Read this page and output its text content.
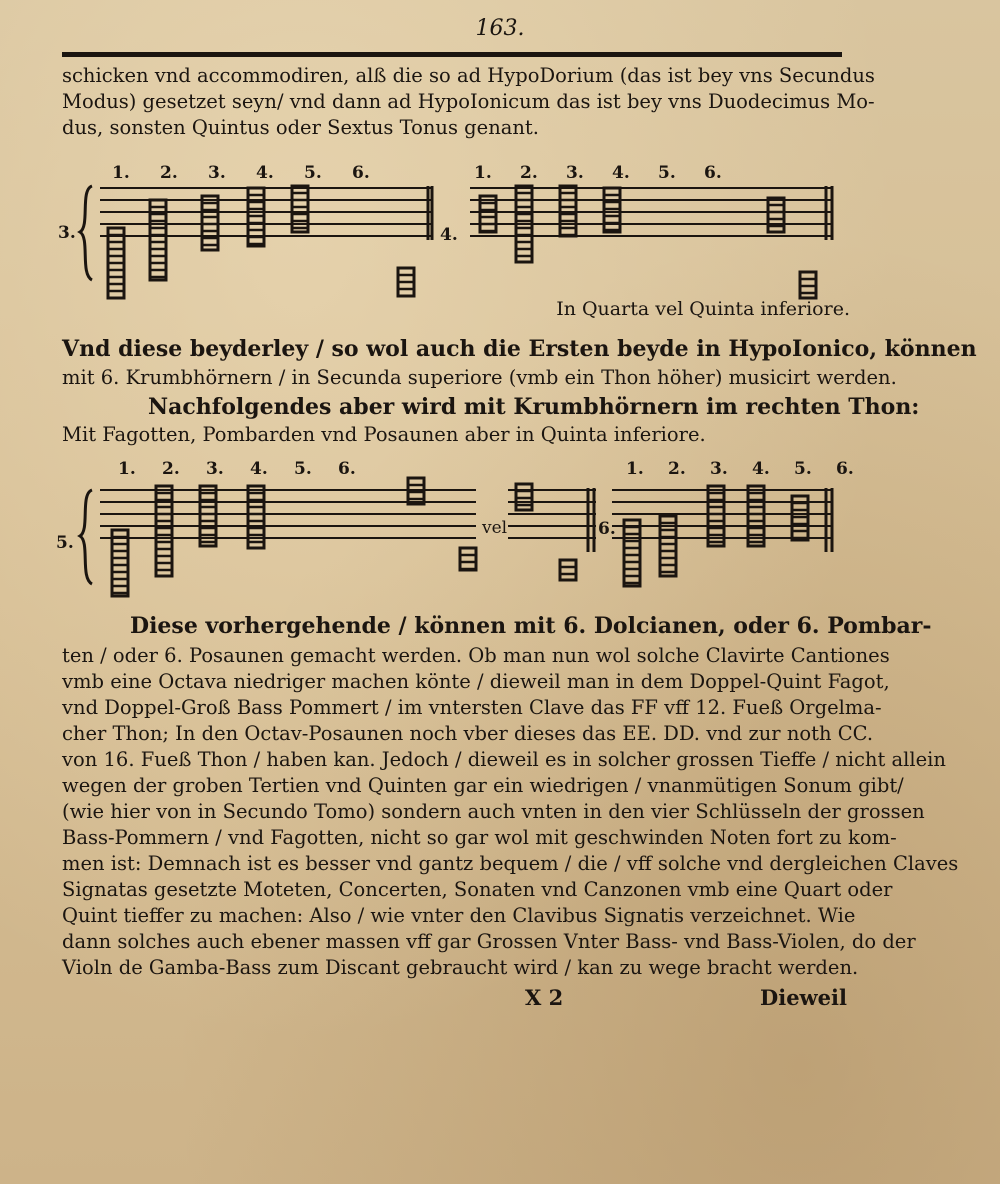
163.
schicken vnd accommodiren, alß die so ad HypoDorium (das ist bey vns Secundus
Modus) gesetzet seyn/ vnd dann ad HypoIonicum das ist bey vns Duodecimus Mo-
dus, sonsten Quintus oder Sextus Tonus genant.
3.	4.
1. 2. 3. 4. 5. 6.	1. 2. 3. 4. 5. 6.
5.
6.
vel
1. 2. 3. 4. 5. 6.	1. 2. 3. 4. 5. 6.
In Quarta vel Quinta inferiore.
Vnd diese beyderley / so wol auch die Ersten beyde in HypoIonico, können
mit 6. Krumbhörnern / in Secunda superiore (vmb ein Thon höher) musicirt werden.
Nachfolgendes aber wird mit Krumbhörnern im rechten Thon:
Mit Fagotten, Pombarden vnd Posaunen aber in Quinta inferiore.
Diese vorhergehende / können mit 6. Dolcianen, oder 6. Pombar-
ten / oder 6. Posaunen gemacht werden. Ob man nun wol solche Clavirte Cantiones
vmb eine Octava niedriger machen könte / dieweil man in dem Doppel-Quint Fagot,
vnd Doppel-Groß Bass Pommert / im vntersten Clave das FF vff 12. Fueß Orgelma-
cher Thon; In den Octav-Posaunen noch vber dieses das EE. DD. vnd zur noth CC.
von 16. Fueß Thon / haben kan. Jedoch / dieweil es in solcher grossen Tieffe / nicht allein
wegen der groben Tertien vnd Quinten gar ein wiedrigen / vnanmütigen Sonum gibt/
(wie hier von in Secundo Tomo) sondern auch vnten in den vier Schlüsseln der grossen
Bass-Pommern / vnd Fagotten, nicht so gar wol mit geschwinden Noten fort zu kom-
men ist: Demnach ist es besser vnd gantz bequem / die / vff solche vnd dergleichen Claves
Signatas gesetzte Moteten, Concerten, Sonaten vnd Canzonen vmb eine Quart oder
Quint tieffer zu machen: Also / wie vnter den Clavibus Signatis verzeichnet. Wie
dann solches auch ebener massen vff gar Grossen Vnter Bass- vnd Bass-Violen, do der
Violn de Gamba-Bass zum Discant gebraucht wird / kan zu wege bracht werden.
X 2	Dieweil
